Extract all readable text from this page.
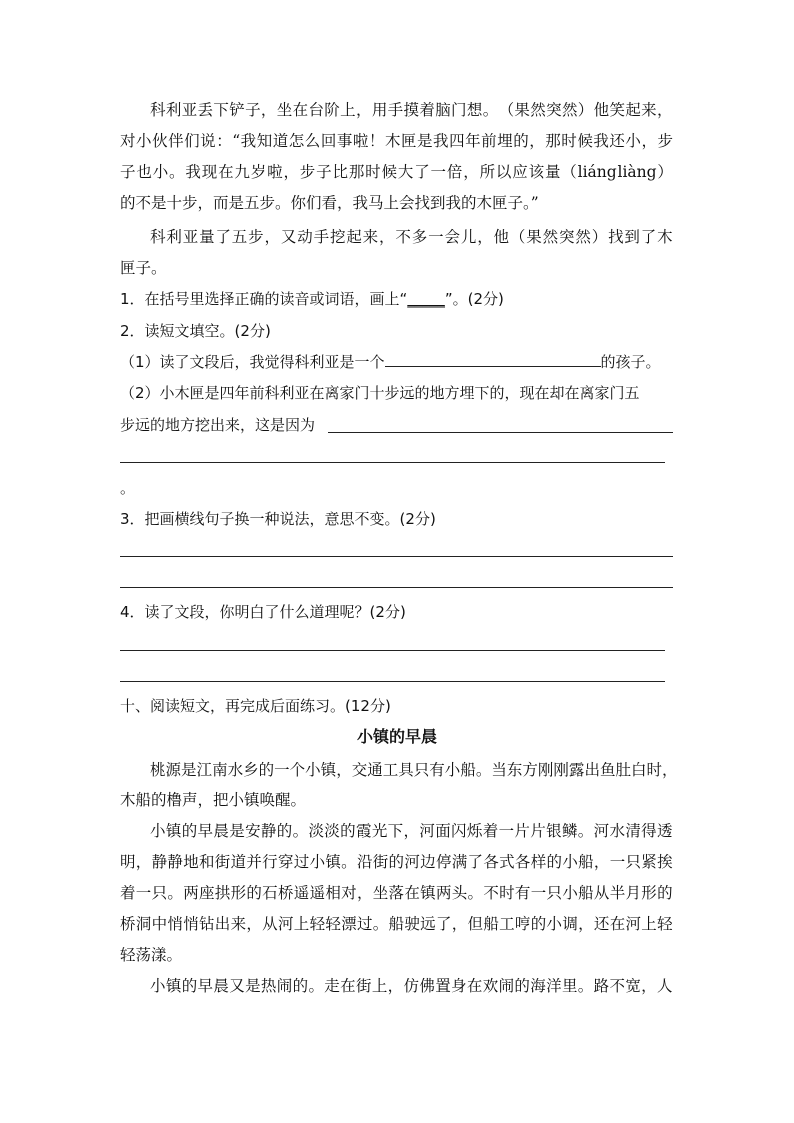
科 利 亚 丢 下 铲 子 ， 坐 在 台 阶 上 ， 用 手 摸 着 脑 门 想 。 （ 果 然 突 然 ） 他 笑 起 来 ，
对 小 伙 伴 们 说 ： “ 我 知 道 怎 么 回 事 啦 ！ 木 匣 是 我 四 年 前 埋 的 ， 那 时 候 我 还 小 ， 步
子 也 小 。 我 现 在 九 岁 啦 ， 步 子 比 那 时 候 大 了 一 倍 ， 所 以 应 该 量 （ liáng liàng ）
的不是十步，而是五步。你们看，我马上会找到我的木匣子。”
科 利 亚 量 了 五 步 ， 又 动 手 挖 起 来 ， 不 多 一 会 儿 ， 他 （ 果 然 突 然 ） 找 到 了 木
匣子。
1．在括号里选择正确的读音或词语，画上“_____”。(2分)
2．读短文填空。(2分)
（1）读了文段后，我觉得科利亚是一个	的孩子。
（2）小木匣是四年前科利亚在离家门十步远的地方埋下的，现在却在离家门五
步远的地方挖出来，这是因为
。
3．把画横线句子换一种说法，意思不变。(2分)
4．读了文段，你明白了什么道理呢？(2分)
十、阅读短文，再完成后面练习。(12分)
小镇的早晨
桃 源 是 江 南 水 乡 的 一 个 小 镇 ， 交 通 工 具 只 有 小 船 。 当 东 方 刚 刚 露 出 鱼 肚 白 时 ，
木船的橹声，把小镇唤醒。
小 镇 的 早 晨 是 安 静 的 。 淡 淡 的 霞 光 下 ， 河 面 闪 烁 着 一 片 片 银 鳞 。 河 水 清 得 透
明 ， 静 静 地 和 街 道 并 行 穿 过 小 镇 。 沿 街 的 河 边 停 满 了 各 式 各 样 的 小 船 ， 一 只 紧 挨
着 一 只 。 两 座 拱 形 的 石 桥 遥 遥 相 对 ， 坐 落 在 镇 两 头 。 不 时 有 一 只 小 船 从 半 月 形 的
桥 洞 中 悄 悄 钻 出 来 ， 从 河 上 轻 轻 漂 过 。 船 驶 远 了 ， 但 船 工 哼 的 小 调 ， 还 在 河 上 轻
轻荡漾。
小 镇 的 早 晨 又 是 热 闹 的 。 走 在 街 上 ， 仿 佛 置 身 在 欢 闹 的 海 洋 里 。 路 不 宽 ， 人
